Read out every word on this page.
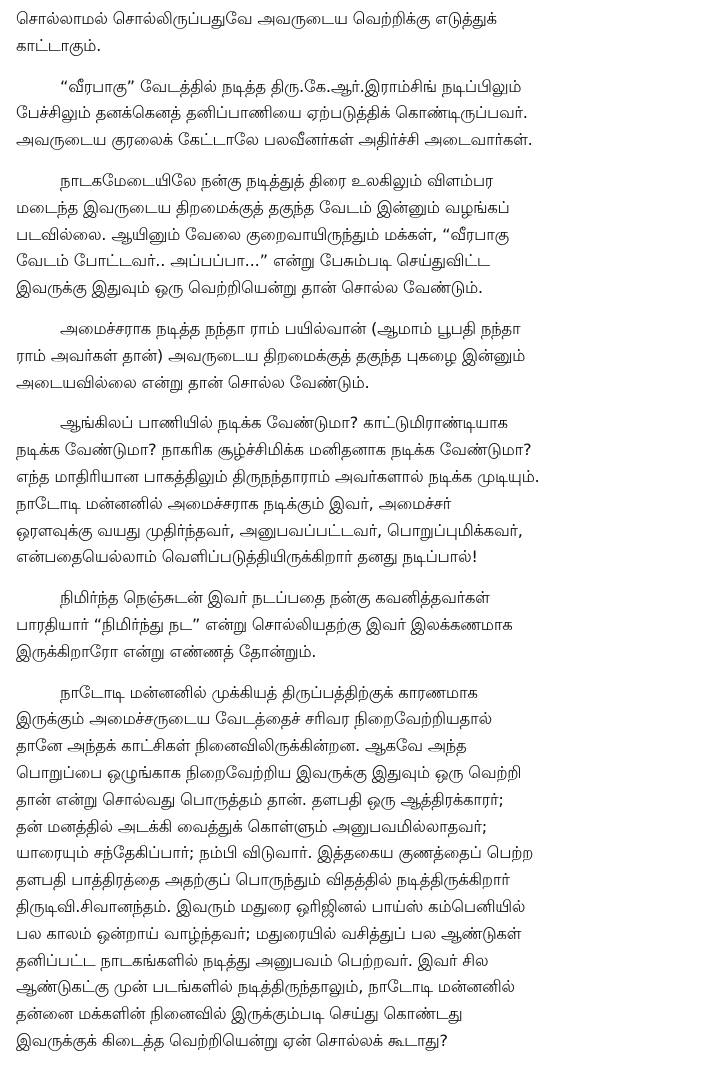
சொல்லாமல் சொல்லிருப்பதுவே அவருடைய வெற்றிக்கு எடுத்துக்
காட்டாகும்.
“வீரபாகு” வேடத்தில் நடித்த திரு.கே.ஆர்.இராம்சிங் நடிப்பிலும்
பேச்சிலும் தனக்கெனத் தனிப்பாணியை ஏற்படுத்திக் கொண்டிருப்பவர்.
அவருடைய குரலைக் கேட்டாலே பலவீனர்கள் அதிர்ச்சி அடைவார்கள்.
நாடகமேடையிலே நன்கு நடித்துத் திரை உலகிலும் விளம்பர
மடைந்த இவருடைய திறமைக்குத் தகுந்த வேடம் இன்னும் வழங்கப்
படவில்லை. ஆயினும் வேலை குறைவாயிருந்தும் மக்கள், “வீரபாகு
வேடம் போட்டவர்.. அப்பப்பா...” என்று பேசும்படி செய்துவிட்ட
இவருக்கு இதுவும் ஒரு வெற்றியென்று தான் சொல்ல வேண்டும்.
அமைச்சராக நடித்த நந்தா ராம் பயில்வான் (ஆமாம் பூபதி நந்தா
ராம் அவர்கள் தான்) அவருடைய திறமைக்குத் தகுந்த புகழை இன்னும்
அடையவில்லை என்று தான் சொல்ல வேண்டும்.
ஆங்கிலப் பாணியில் நடிக்க வேண்டுமா? காட்டுமிராண்டியாக
நடிக்க வேண்டுமா? நாகரிக சூழ்ச்சிமிக்க மனிதனாக நடிக்க வேண்டுமா?
எந்த மாதிரியான பாகத்திலும் திருநந்தாராம் அவர்களால் நடிக்க முடியும்.
நாடோடி மன்னனில் அமைச்சராக நடிக்கும் இவர், அமைச்சர்
ஒரளவுக்கு வயது முதிர்ந்தவர், அனுபவப்பட்டவர், பொறுப்புமிக்கவர்,
என்பதையெல்லாம் வெளிப்படுத்தியிருக்கிறார் தனது நடிப்பால்!
நிமிர்ந்த நெஞ்சுடன் இவர் நடப்பதை நன்கு கவனித்தவர்கள்
பாரதியார் “நிமிர்ந்து நட” என்று சொல்லியதற்கு இவர் இலக்கணமாக
இருக்கிறாரோ என்று எண்ணத் தோன்றும்.
நாடோடி மன்னனில் முக்கியத் திருப்பத்திற்குக் காரணமாக
இருக்கும் அமைச்சருடைய வேடத்தைச் சரிவர நிறைவேற்றியதால்
தானே அந்தக் காட்சிகள் நினைவிலிருக்கின்றன. ஆகவே அந்த
பொறுப்பை ஒழுங்காக நிறைவேற்றிய இவருக்கு இதுவும் ஒரு வெற்றி
தான் என்று சொல்வது பொருத்தம் தான். தளபதி ஒரு ஆத்திரக்காரர்;
தன் மனத்தில் அடக்கி வைத்துக் கொள்ளும் அனுபவமில்லாதவர்;
யாரையும் சந்தேகிப்பார்; நம்பி விடுவார். இத்தகைய குணத்தைப் பெற்ற
தளபதி பாத்திரத்தை அதற்குப் பொருந்தும் விதத்தில் நடித்திருக்கிறார்
திருடிவி.சிவானந்தம். இவரும் மதுரை ஒரிஜினல் பாய்ஸ் கம்பெனியில்
பல காலம் ஒன்றாய் வாழ்ந்தவர்; மதுரையில் வசித்துப் பல ஆண்டுகள்
தனிப்பட்ட நாடகங்களில் நடித்து அனுபவம் பெற்றவர். இவர் சில
ஆண்டுகட்கு முன் படங்களில் நடித்திருந்தாலும், நாடோடி மன்னனில்
தன்னை மக்களின் நினைவில் இருக்கும்படி செய்து கொண்டது
இவருக்குக் கிடைத்த வெற்றியென்று ஏன் சொல்லக் கூடாது?
